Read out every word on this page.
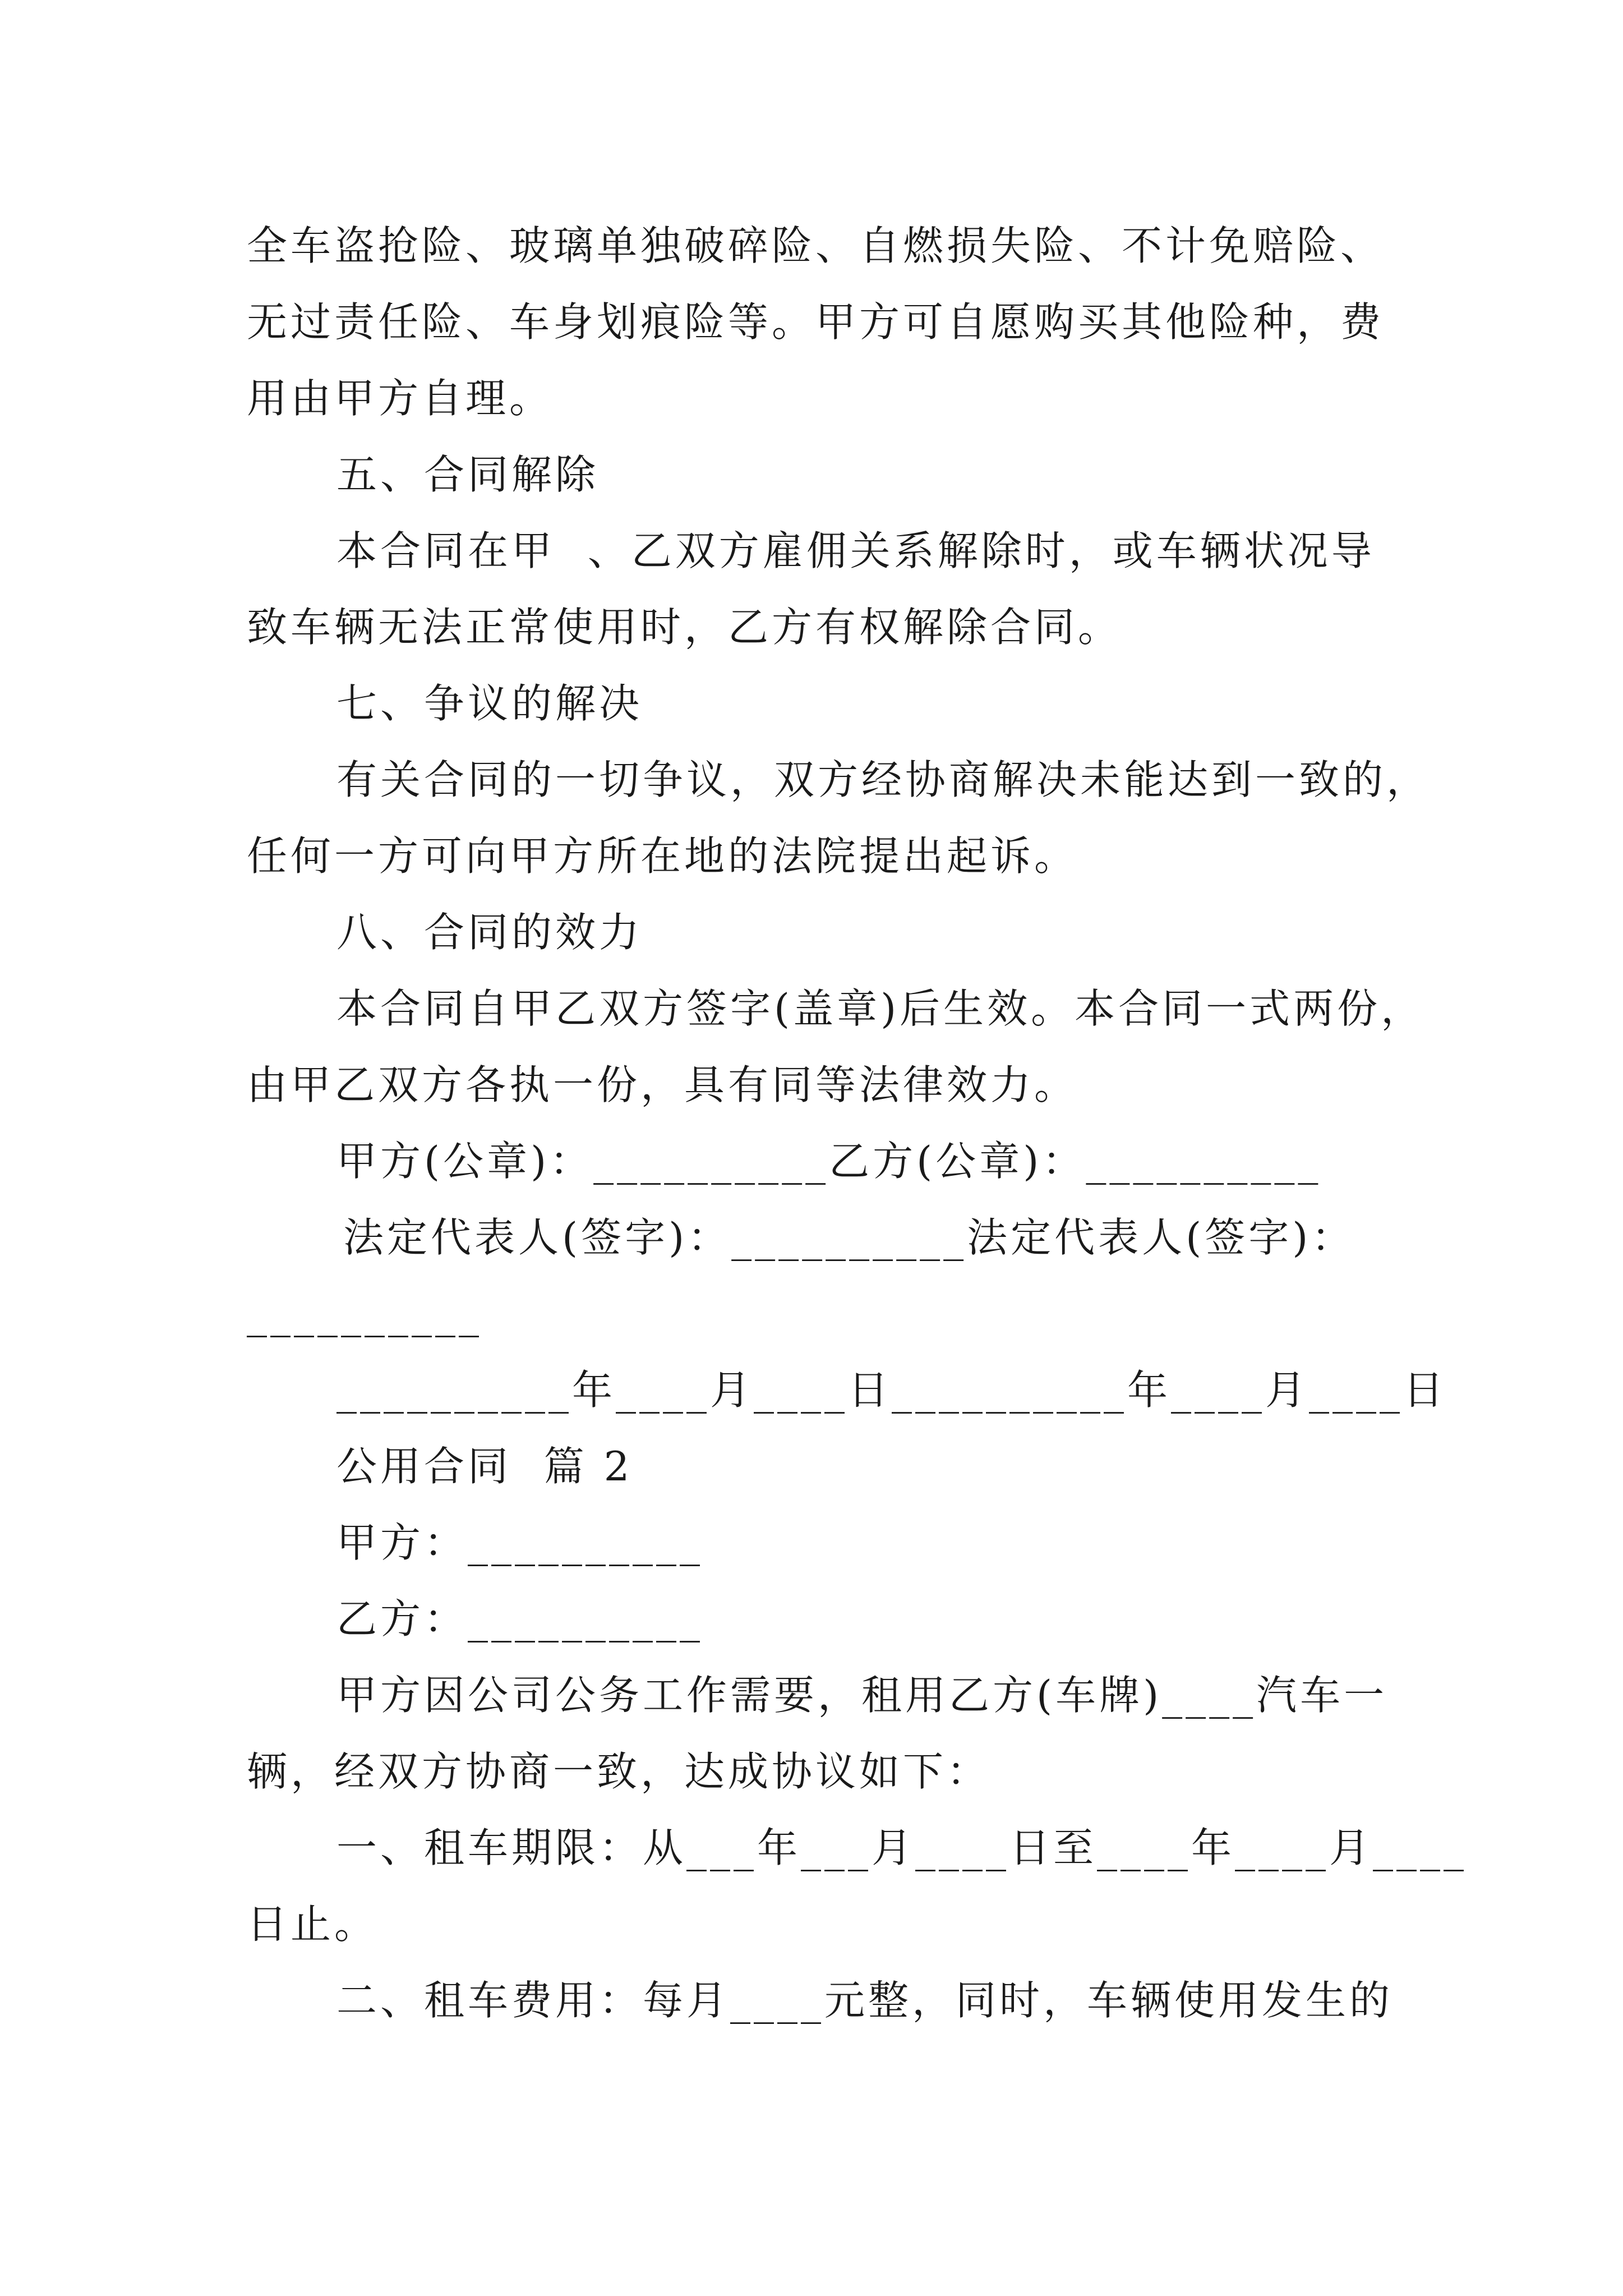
全车盗抢险、玻璃单独破碎险、自燃损失险、不计免赔险、
无过责任险、车身划痕险等。甲方可自愿购买其他险种，费
用由甲方自理。
五、合同解除
本合同在甲  、乙双方雇佣关系解除时，或车辆状况导
致车辆无法正常使用时，乙方有权解除合同。
七、争议的解决
有关合同的一切争议，双方经协商解决未能达到一致的，
任何一方可向甲方所在地的法院提出起诉。
八、合同的效力
本合同自甲乙双方签字(盖章)后生效。本合同一式两份，
由甲乙双方各执一份，具有同等法律效力。
甲方(公章)：__________乙方(公章)：__________
法定代表人(签字)：__________法定代表人(签字)：
__________
__________年____月____日__________年____月____日
公用合同  篇 2
甲方：__________
乙方：__________
甲方因公司公务工作需要，租用乙方(车牌)____汽车一
辆，经双方协商一致，达成协议如下：
一、租车期限：从___年___月____日至____年____月____
日止。
二、租车费用：每月____元整，同时，车辆使用发生的
